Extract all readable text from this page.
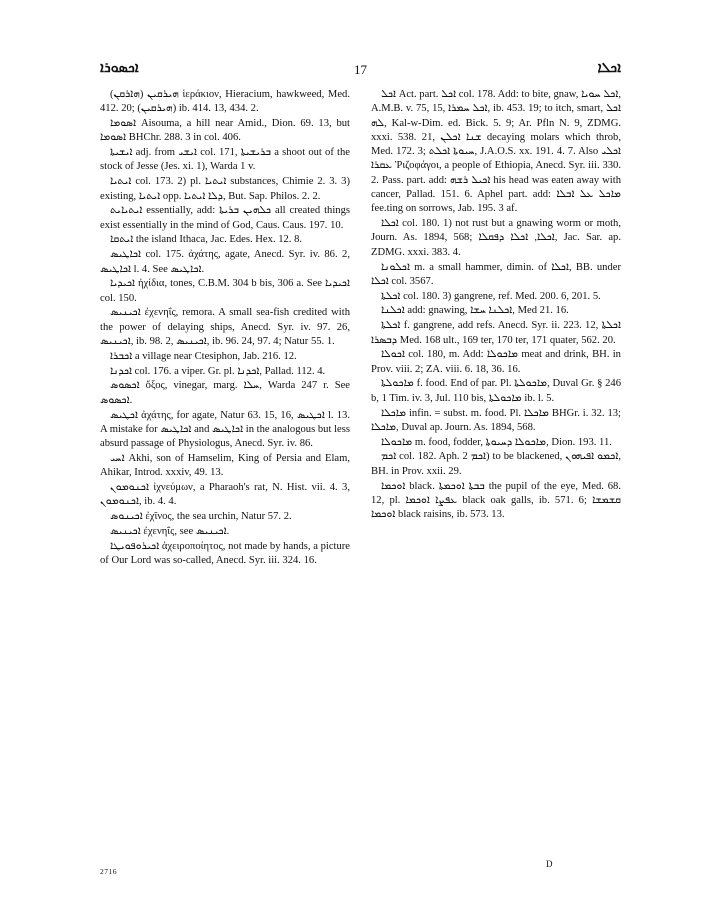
ܐܟܣܘܪܐ	17	ܐܟܠܐ

ܗܝܪܩܝܢ (ܗܐܪܩܢ) ἱεράκιον, Hieracium, hawkweed, Med. 412. 20; (ܗܝܪܩܝܢ) ib. 414. 13, 434. 2.

ܐܣܘܡܐ Aisouma, a hill near Amid., Dion. 69. 13, but ܐܣܘܡܐ BHChr. 288. 3 in col. 406.

ܐܝܫܝܬܐ adj. from ܐܝܫܝ col. 171, ܒܪܝܫܝܬܐ a shoot out of the stock of Jesse (Jes. xi. 1), Warda 1 v.

ܐܝܬܝܐ col. 173. 2) pl. ܐܝܬܝܐ substances, Chimie 2. 3. 3) existing, ܐܝܬܝܐ opp. ܕܠܐ ܐܝܬܝܐ, But. Sap. Philos. 2. 2.

ܐܝܬܝܐܝܬ essentially, add: ܟܠܗܝܢ ܒܪܝܬܐ all created things exist essentially in the mind of God, Caus. Caus. 197. 10.

ܐܝܬܩܐ the island Ithaca, Jac. Edes. Hex. 12. 8.

ܐܟܐܛܝܣ col. 175. ἀχάτης, agate, Anecd. Syr. iv. 86. 2, ܐܟܐܛܝܣ l. 4. See ܐܟܐܛܝܣ.

ܐܟܝܕܝܐ ἠχίδια, tones, C.B.M. 304 b bis, 306 a. See ܐܟܝܕܝܐ col. 150.

ܐܟܝܢܝܣ ἐχενηΐς, remora. A small sea-fish credited with the power of delaying ships, Anecd. Syr. iv. 97. 26, ܐܟܝܢܝܣ, ib. 98. 2, ܐܟܝܢܝܣ, ib. 96. 24, 97. 4; Natur 55. 1.

ܐܟܒܪܐ a village near Ctesiphon, Jab. 216. 12.

ܐܟܕܢܐ col. 176. a viper. Gr. pl. ܐܟܕܢܐ, Pallad. 112. 4.

ܐܟܣܘܣ ὄξος, vinegar, marg. ܚܠܐ, Warda 247 r. See ܐܟܣܘܣ.

ܐܟܛܝܣ ἀχάτης, for agate, Natur 63. 15, 16, ܐܟܛܝܣ l. 13. A mistake for ܐܟܐܛܝܣ and ܐܟܐܛܝܣ in the analogous but less absurd passage of Physiologus, Anecd. Syr. iv. 86.

ܐܚܝ Akhi, son of Hamselim, King of Persia and Elam, Ahikar, Introd. xxxiv, 49. 13.

ܐܟܢܘܡܘܢ ἰχνεύμων, a Pharaoh's rat, N. Hist. vii. 4. 3, ܐܟܢܘܡܘܢ, ib. 4. 4.

ܐܟܝܢܘܣ ἐχῖνος, the sea urchin, Natur 57. 2.

ܐܟܝܢܝܣ ἐχενηΐς, see ܐܟܝܢܝܣ.

ܐܟܝܪܘܦܘܝܛܐ ἀχειροποίητος, not made by hands, a picture of Our Lord was so-called, Anecd. Syr. iii. 324. 16.

ܐܟܠ Act. part. ܐܟܠ col. 178. Add: to bite, gnaw, ܐܟܠ ܚܘܝܐ, A.M.B. v. 75, 15, ܐܟܠ ܚܡܪܐ, ib. 453. 19; to itch, smart, ܐܟܠ ܠܗ, Kal-w-Dim. ed. Bick. 5. 9; Ar. Pfln N. 9, ZDMG. xxxi. 538. 21, ܫܢܐ ܐܟܠܢ decaying molars which throb, Med. 172. 3; ܚܝܘܬܐ ܐܟܠܬ, J.A.O.S. xx. 191. 4. 7. Also ܐܟܠܝ ܥܩܪܐ Ῥιζοφάγοι, a people of Ethiopia, Anecd. Syr. iii. 330. 2. Pass. part. add: ܐܟܝܠ ܪܫܗ his head was eaten away with cancer, Pallad. 151. 6. Aphel part. add: ܡܐܟܠ ܥܠ ܐܒܠܐ fee.ting on sorrows, Jab. 195. 3 af.

ܐܟܠܐ col. 180. 1) not rust but a gnawing worm or moth, Journ. As. 1894, 568; ܐܟܠܐ, ܐܟܠܐ ܕܦܩܠܐ, Jac. Sar. ap. ZDMG. xxxi. 383. 4.

ܐܟܠܘܢܐ m. a small hammer, dimin. of ܐܟܠܐ, BB. under ܐܟܠܐ col. 3567.

ܐܟܠܬܐ col. 180. 3) gangrene, ref. Med. 200. 6, 201. 5.

ܐܟܠܢܐ add: gnawing, ܐܟܠܢܐ ܚܫܐ, Med 21. 16.

ܐܟܠܬܐ f. gangrene, add refs. Anecd. Syr. ii. 223. 12, ܐܟܠܬܐ ܕܒܣܪܐ Med. 168 ult., 169 ter, 170 ter, 171 quater, 562. 20.

ܐܟܘܠܐ col. 180, m. Add: ܡܐܟܘܠܐ meat and drink, BH. in Prov. viii. 2; ZA. viii. 6. 18, 36. 16.

ܡܐܟܘܠܬܐ f. food. End of par. Pl. ܡܐܟܘܠܬܐ, Duval Gr. § 246 b, 1 Tim. iv. 3, Jul. 110 bis, ܡܐܟܘܠܬܐ ib. l. 5.

ܡܐܟܠܐ infin. = subst. m. food. Pl. ܡܐܟܠܐ BHGr. i. 32. 13; ܡܐܟܠܐ, Duval ap. Journ. As. 1894, 568.

ܡܐܟܘܠܐ m. food, fodder, ܡܐܟܘܠܐ ܕܚܝܘܬܐ, Dion. 193. 11.

ܐܟܡ col. 182. Aph. ܐܟܡ 2) to be blackened, ܐܟܡܘ ܐܦܝܗܘܢ, BH. in Prov. xxii. 29.

ܐܘܟܡܐ black. ܒܒܬܐ ܐܘܟܡܬܐ the pupil of the eye, Med. 68. 12, pl. ܥܦܨܐ ܐܘܟܡܐ black oak galls, ib. 571. 6; ܩܫܡܫܐ ܐܘܟܡܐ black raisins, ib. 573. 13.

2716
D
